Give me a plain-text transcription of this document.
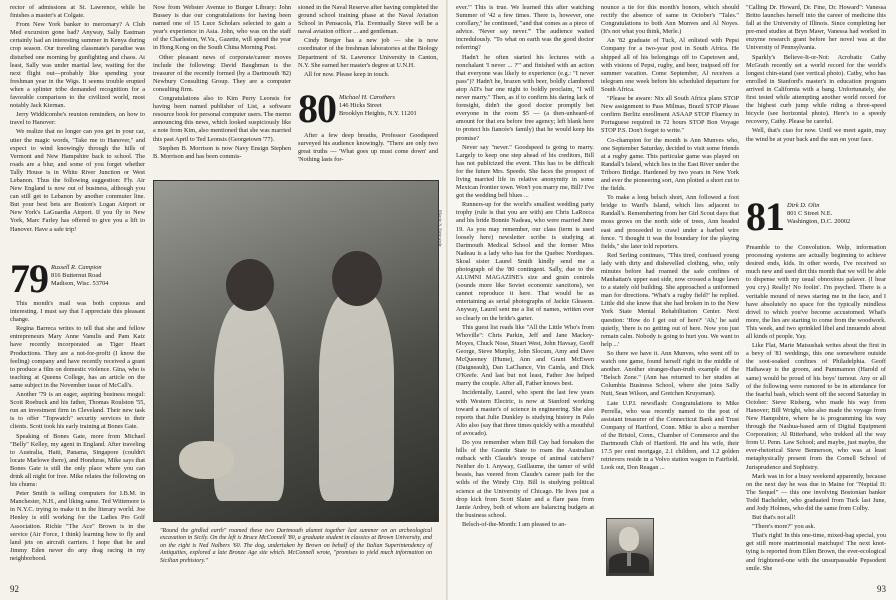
rector of admissions at St. Lawrence, while he finishes a master's at Colgate.

From New York banker to mercenary? A Club Med excursion gone bad? Anyway, Sally Eastman certainly had an interesting summer in Kenya during crop season. Our traveling classmate's paradise was disturbed one morning by gunfighting and chaos. At least, Sally was under martial law, waiting for the next flight out—probably like spending your freshman year in the Wigs. It seems trouble erupted when a splinter tribe demanded recognition for a favorable comparison to the civilized world, most notably Jack Kiernan.

Jerry Widdicombe's reunion reminders, on how to travel to Hanover:

We realize that no longer can you get in your car, utter the magic words, "Take me to Hanover," and expect to wind knowingly through the hills of Vermont and New Hampshire back to school. The roads are a blur, and some of you forget whether Tally House is in White River Junction or West Lebanon. Thus the following suggestion: Fly. Air New England is now out of business, although you can still get to Lebanon by another commuter line. But your best bets are Boston's Logan Airport or New York's LaGuardia Airport. If you fly to New York, Marc Farley has offered to give you a lift to Hanover. Have a safe trip!

79 Russell R. Campion
816 Butternut Road
Madison, Wisc. 53704

This month's mail was both copious and interesting. I must say that I appreciate this pleasant change.

Regina Barreca writes to tell that she and fellow entrepreneurs Mary Anne Vanulis and Pam Katz have recently incorporated as Tiger Heart Productions. They are a not-for-profit (I know the feeling) company and have recently received a grant to produce a film on domestic violence. Gina, who is teaching at Queens College, has an article on the same subject in the November issue of McCall's.

Another '79 is an eager, aspiring business mogul: Scott Roebuck and his father, Thomas Roulston '55, run an investment firm in Cleveland. Their new task is to offer "Topwatch" security services to their clients. Scott took his early training at Bones Gate.

Speaking of Bones Gate, more from Michael "Belly" Kelley, my agent in England. After traveling to Australia, Haiti, Panama, Singapore (couldn't locate Marlowe there), and Honduras, Mike says that Bones Gate is still the only place where you can drink all night for free. Mike relates the following on his chums:

Peter Smith is selling computers for I.B.M. in Manchester, N.H., and liking same. Ted Wittemore is in N.Y.C. trying to make it in the literary world. Joe Henley is still working for the Ladies Pro Golf Association. Richie "The Ace" Brown is in the service (Air Force, I think) learning how to fly and land jets on aircraft carriers. I hope that he and Jimmy Eden never do any drag racing in my neighborhood.

Now from Webster Avenue to Burger Library: John Bussey is due our congratulations for having been named one of 15 Luce Scholars selected to gain a year's experience in Asia. John, who was on the staff of the Charleston, W.Va., Gazette, will spend the year in Hong Kong on the South China Morning Post.

Other pleasant news of corporate/career moves include the following: David Baughman is the treasurer of the recently formed (by a Dartmouth '82) Newbury Consulting Group. They are a computer consulting firm.

Congratulations also to Kim Perry Leonsis for having been named publisher of List, a software resource book for personal computer users. The memo announcing this news, which looked suspiciously like a note from Kim, also mentioned that she was married this past April to Ted Leonsis (Georgetown '77).

Stephen B. Morrison is now Navy Ensign Stephen B. Morrison and has been commis-

sioned in the Naval Reserve after having completed the ground school training phase at the Naval Aviation School in Pensacola, Fla. Eventually Steve will be a naval aviation officer ... and gentleman.

Cindy Berger has a new job — she is now coordinator of the freshman laboratories at the Biology Department of St. Lawrence University in Canton, N.Y. She earned her master's degree at U.N.H.

All for now. Please keep in touch.

80 Michael H. Carothers
146 Hicks Street
Brooklyn Heights, N.Y. 11201

After a few deep breaths, Professor Goodspeed surveyed his audience knowingly. "There are only two great truths — 'What goes up must come down' and 'Nothing lasts for-

Martin S. Steinwede
"Round the girdled earth" roamed these two Dartmouth alumni together last summer on an archeological excavation in Sicily. On the left is Bruce McConnell '80, a graduate student in classics at Brown University, and on the right is Ned Nalbers '60. The dog, undertaken by Brown on behalf of the Italian Superintendency of Antiquities, explored a late Bronze Age site which. McConnell wrote, "promises to yield much information on Sicilian prehistory."
92

ever.'" This is true. We learned this after watching Summer of '42 a few times. There is, however, one corollary," he continued, "and that comes as a piece of advice. 'Never say never.'" The audience waited incredulously. "To what on earth was the good doctor referring?

Hadn't he often started his lectures with a nonchalant 'I never ... ?'" and finished with an action that everyone was likely to experience (e.g.: "I never pass")? Hadn't he, brazen with beer, boldly clambered atop AD's bar one night to boldly proclaim, "I will never marry." Then, as if to confirm his daring lack of foresight, didn't the good doctor promptly bet everyone in the room $5 — (a then-unheard-of amount for that era before free agency; left blank here to protect his fiancée's family) that he would keep his promise?

Never say "never." Goodspeed is going to marry. Largely to keep one step ahead of his creditors, Bill has not publicized the event. This has to be difficult for the future Mrs. Speedo. She faces the prospect of living married life in relative anonymity in some Mexican frontier town. Won't you marry me, Bill? I've got the wedding bell blues ...

Runners-up for the world's smallest wedding party trophy (rule is that you are with) are Chris LaRocca and his bride Bonnie Nadeau, who were married June 19. As you may remember, our class (term is used loosely here) newsletter scribe is studying at Dartmouth Medical School and the former Miss Nadeau is a lady who has for the Quebec Nordiques. Skoal sister Laurel Smith kindly send me a photograph of the '80 contingent. Sally, due to the ALUMNI MAGAZINE's size and grain controls (sounds more like Soviet economic sanctions), we cannot reproduce it here. That would be as entertaining as serial photographs of Jackie Gleason. Anyway, Laurel sent me a list of names, written ever so clearly on the bride's garter.

This guest list reads like "All the Little Who's from Whoville": Chris Parkin, Jeff and Jane Mackey-Moyes, Chuck Nose, Stuart West, John Havsay, Geoff George, Steve Murphy, John Slocum, Amy and Dave McQueeney (Hume), Ann and Grant McEwen (Daigneault), Dan LaChance, Vin Cainla, and Dick O'Keefe. And last but not least, Father Joe helped marry the couple. After all, Father knows best.

Incidentally, Laurel, who spent the last few years with Western Electric, is now at Stanford working toward a master's of science in engineering. She also reports that Julie Dunkley is studying history in Palo Alto also (say that three times quickly with a mouthful of avocado).

Do you remember when Bill Cay had forsaken the hills of the Granite State to roam the Australian outback with Claude's troupe of animal catchers? Neither do I. Anyway, Guillaume, the tamer of wild beasts, has veered from Claude's career path for the wilds of the Windy City. Bill is studying political science at the University of Chicago. He lives just a drop kick from Scott Slater and a flare pass from Jamie Ardrey, both of whom are balancing budgets at the business school.

Belsch-of-the-Month: I am pleased to an-

nounce a tie for this month's honors, which should rectify the absence of same in October's "Tales." Congratulations to both Ann Munves and Al Noyes. (It's not what you think, Merle.)

An '82 graduate of Tuck, Al enlisted with Pepsi Company for a two-year post in South Africa. He shipped all of his belongings off to Capetown and, with visions of Pepsi, rugby, and beer, traipsed off for summer vacation. Come September, Al receives a telegram one week before his scheduled departure for South Africa.

"Please be aware: Nix all South Africa plans STOP New assignment to Pass Miltnas, Brazil STOP Please confirm Berlitz enrollment ASAAP STOP Fluency in Portuguese required in 72 hours STOP Bon Voyage STOP P.S. Don't forget to write."

Co-champion for the month is Ann Munves who, one September Saturday, decided to visit some friends at a rugby game. This particular game was played on Randall's Island, which lies in the East River under the Triboro Bridge. Hardened by two years in New York and ever the pioneering sort, Ann plotted a short cut to the fields.

To make a long belsch short, Ann followed a foot bridge to Ward's Island, which lies adjacent to Randall's. Remembering from her Girl Scout days that moss grows on the north side of trees, Ann headed east and proceeded to crawl under a barbed wire fence. "I thought it was the boundary for the playing fields," she later told reporters.

Red Serling continues, "This tired, confused young lady with dirty and dishevelled clothing, who, only minutes before had roamed the safe confines of Manhattan's upper east side, now crossed a huge lawn to a stately old building. She approached a uniformed man for directions. 'What's a rugby field?' he replied. Little did she know that she had broken in to the New York State Mental Rehabilitation Center. Next question: 'How do I get out of here?' 'Ah,' he said quietly, 'there is no getting out of here. Now you just remain calm. Nobody is going to hurt you. We want to help ...'

So there we have it. Ann Munves, who went off to watch one game, found herself right in the middle of another. Another stranger-than-truth example of the "Belsch Zone." (Ann has returned to her studies at Columbia Business School, where she joins Sally Nutt, Sean Wilson, and Gretchen Kruysman).

Late U.P.I. newsflash: Congratulations to Mike Perrella, who was recently named to the post of assistant treasurer of the Connecticut Bank and Trust Company of Hartford, Conn. Mike is also a member of the Bristol, Conn., Chamber of Commerce and the Dartmouth Club of Hartford. He and his wife, their 17.5 per cent mortgage, 2.1 children, and 1.2 golden retrievers reside in a Volvo station wagon in Fairfield. Look out, Don Reagan ...

"Calling Dr. Howard, Dr. Fine, Dr. Howard": Vanessa Britto launches herself into the career of medicine this fall at the University of Illinois. Since completing her pre-med studies at Bryn Mawr, Vanessa had worked in enzyme research grant before her novel was at the University of Pennsylvania.

Sparkly's Believe-It-or-Not: Acrobatic Cathy McGrath recently set a world record for the world's longest chin-stand (see vertical photo). Cathy, who has enrolled in Stanford's master's in education program arrived in California with a bang. Unfortunately, she first tested while attempting another world record for the highest curb jump while riding a three-speed bicycle (see horizontal photo). Here's to a speedy recovery, Cathy. Please be careful.

Well, that's ciao for now. Until we meet again, may the wind be at your back and the sun on your face.

81 Dirk D. Olin
801 C Street N.E.
Washington, D.C. 20002

Preamble to the Convolution. Welp, information processing systems are actually beginning to achieve desired ends, kids. In other words, I've received so much new and used dirt this month that we will be able to dispense with my usual obnoxious palaver. (I hear you cry.) Really! No foolin'. I'm psyched. There is a veritable mound of news staring me in the face, and I have absolutely no space for the typically mindless drivel to which you've become accustomed. What's more, the lies are starting to come from the woodwork. This week, and two sprinkled libel and innuendo about all kinds of people. Yay.

Like Flat, Marie Matsushak writes about the first in a bevy of '81 weddings, this one somewhere outside the soot-soaked confines of Philadelphia. Geoff Hathaway is the groom, and Pammamon (Harold of same) would be proud of his boys' turnout. Any or all of the following were rumored to be in attendance for the fearful bash, which went off the second Saturday in October: Steve Risberg, who made his way from Hanover; Bill Wright, who also made the voyage from New Hampshire, where he is programming his way through the Nashua-based arm of Digital Equipment Corporation; Al Ritterband, who trekked all the way from U. Penn. Law School; and maybe, just maybe, the ever-rhetorical Steve Bennerson, who was at least metaphysically present from the Cornell School of Jurisprudence and Sophistry.

Mark was in for a busy weekend apparently, because on the next day he was due in Maine for "Nuptial II: The Sequel" — this one involving Bostonian banker Todd Bachelder, who graduated from Tuck last June, and Jody Holmes, who did the same from Colby.

But that's not all!

"There's more?" you ask.

That's right! In this one-time, mixed-bag special, you get still more matrimonial matchups! The next knot-tying is reported from Ellen Brown, the ever-ecological and frightened-one with the unsurpassable Pepsodent smile. She

93
